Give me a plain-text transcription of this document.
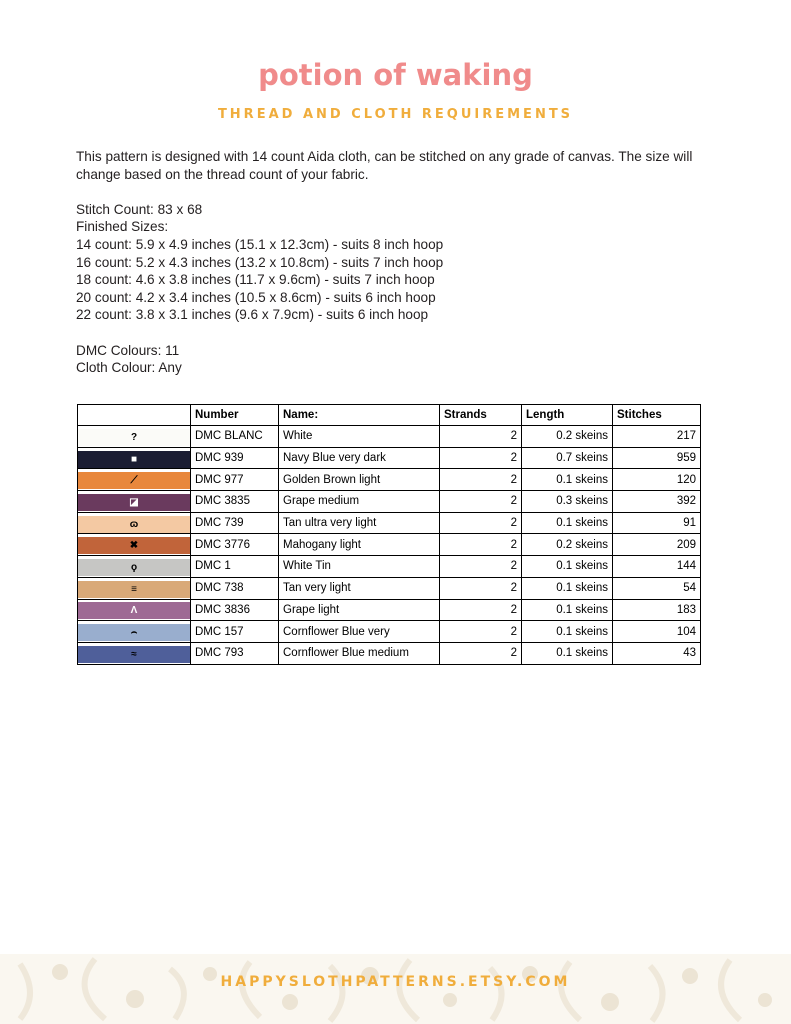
potion of waking
THREAD AND CLOTH REQUIREMENTS

This pattern is designed with 14 count Aida cloth, can be stitched on any grade of canvas. The size will change based on the thread count of your fabric.

Stitch Count: 83 x 68

Finished Sizes:

14 count: 5.9 x 4.9 inches (15.1 x 12.3cm) - suits 8 inch hoop

16 count: 5.2 x 4.3 inches (13.2 x 10.8cm) - suits 7 inch hoop

18 count: 4.6 x 3.8 inches (11.7 x 9.6cm) - suits 7 inch hoop

20 count: 4.2 x 3.4 inches (10.5 x 8.6cm) - suits 6 inch hoop

22 count: 3.8 x 3.1 inches (9.6 x 7.9cm) - suits 6 inch hoop

DMC Colours: 11

Cloth Colour: Any

	Number	Name:	Strands	Length	Stitches

?	DMC BLANC	White	2	0.2 skeins	217

■	DMC 939	Navy Blue very dark	2	0.7 skeins	959

⟋	DMC 977	Golden Brown light	2	0.1 skeins	120

◪	DMC 3835	Grape medium	2	0.3 skeins	392

ɷ	DMC 739	Tan ultra very light	2	0.1 skeins	91

✖	DMC 3776	Mahogany light	2	0.2 skeins	209

ϙ	DMC 1	White Tin	2	0.1 skeins	144

≡	DMC 738	Tan very light	2	0.1 skeins	54

Λ	DMC 3836	Grape light	2	0.1 skeins	183

⌢	DMC 157	Cornflower Blue very	2	0.1 skeins	104

≈	DMC 793	Cornflower Blue medium	2	0.1 skeins	43
HAPPYSLOTHPATTERNS.ETSY.COM
